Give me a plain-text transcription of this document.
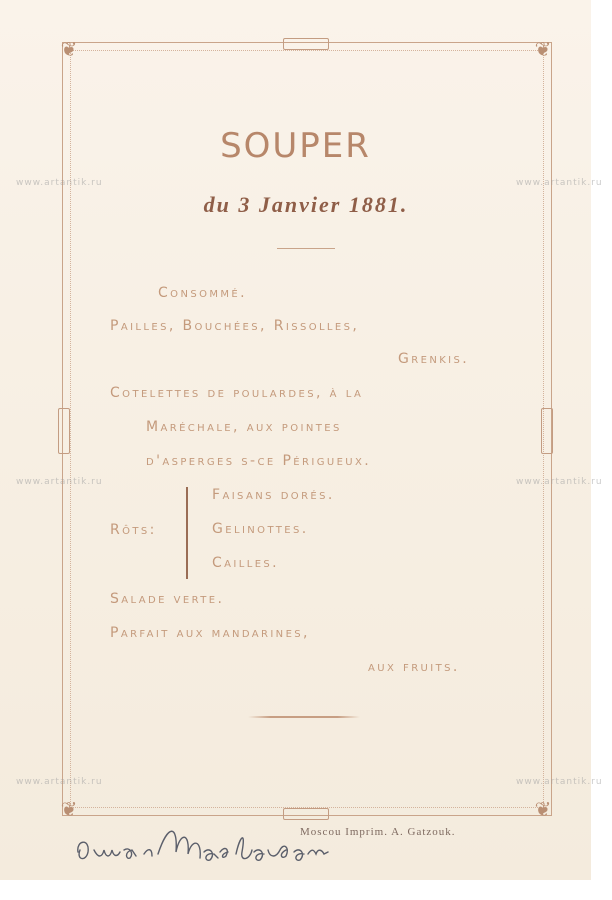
❦	❦
❦	❦
www.artantik.ru	www.artantik.ru
www.artantik.ru	www.artantik.ru
www.artantik.ru	www.artantik.ru
SOUPER
du 3 Janvier 1881.
Consommé.
Pailles, Bouchées, Rissolles,
Grenkis.
Cotelettes de poulardes, à la
Maréchale, aux pointes
d'asperges s-ce Périgueux.
Rôts:
Faisans dorés.
Gelinottes.
Cailles.
Salade verte.
Parfait aux mandarines,
aux fruits.
Moscou Imprim. A. Gatzouk.
